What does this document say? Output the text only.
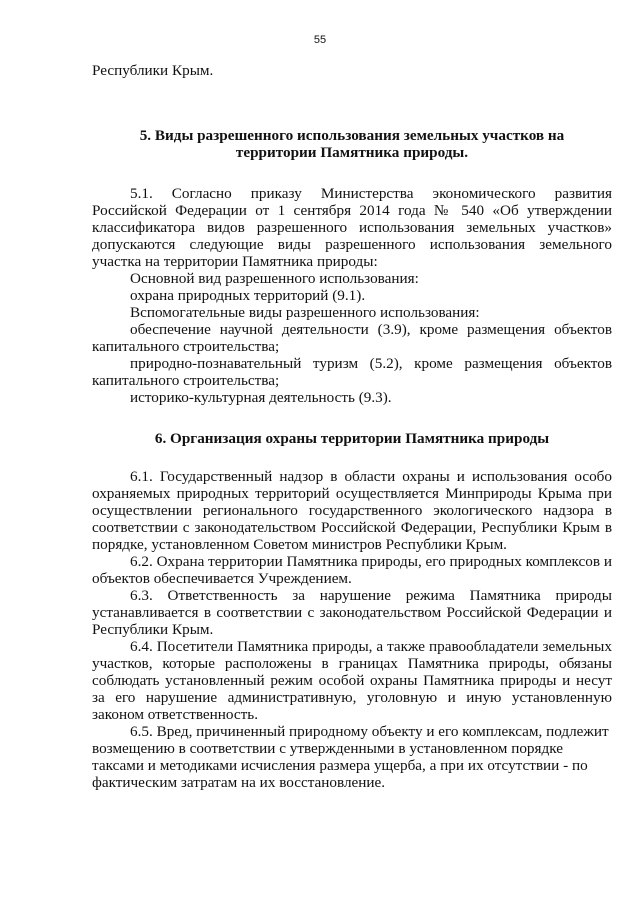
55

Республики Крым.

5. Виды разрешенного использования земельных участков на
территории Памятника природы.

5.1. Согласно приказу Министерства экономического развития Российской Федерации от 1 сентября 2014 года № 540 «Об утверждении классификатора видов разрешенного использования земельных участков» допускаются следующие виды разрешенного использования земельного участка на территории Памятника природы:

Основной вид разрешенного использования:

охрана природных территорий (9.1).

Вспомогательные виды разрешенного использования:

обеспечение научной деятельности (3.9), кроме размещения объектов капитального строительства;

природно-познавательный туризм (5.2), кроме размещения объектов капитального строительства;

историко-культурная деятельность (9.3).

6. Организация охраны территории Памятника природы

6.1. Государственный надзор в области охраны и использования особо охраняемых природных территорий осуществляется Минприроды Крыма при осуществлении регионального государственного экологического надзора в соответствии с законодательством Российской Федерации, Республики Крым в порядке, установленном Советом министров Республики Крым.

6.2. Охрана территории Памятника природы, его природных комплексов и объектов обеспечивается Учреждением.

6.3. Ответственность за нарушение режима Памятника природы устанавливается в соответствии с законодательством Российской Федерации и Республики Крым.

6.4. Посетители Памятника природы, а также правообладатели земельных участков, которые расположены в границах Памятника природы, обязаны соблюдать установленный режим особой охраны Памятника природы и несут за его нарушение административную, уголовную и иную установленную законом ответственность.

6.5. Вред, причиненный природному объекту и его комплексам, подлежит возмещению в соответствии с утвержденными в установленном порядке таксами и методиками исчисления размера ущерба, а при их отсутствии - по фактическим затратам на их восстановление.
